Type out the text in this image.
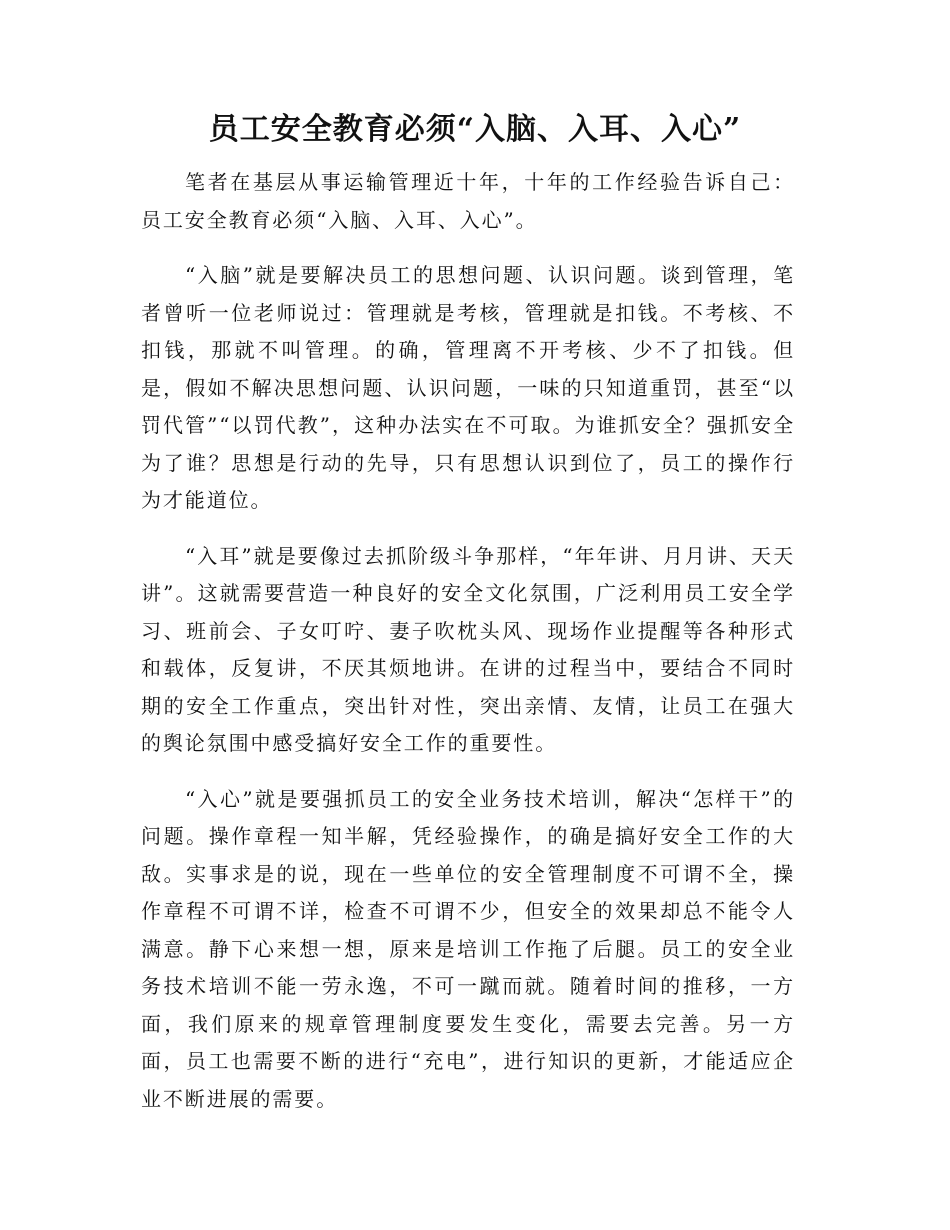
员工安全教育必须“入脑、入耳、入心”

笔者在基层从事运输管理近十年，十年的工作经验告诉自己：员工安全教育必须“入脑、入耳、入心”。

“入脑”就是要解决员工的思想问题、认识问题。谈到管理，笔者曾听一位老师说过：管理就是考核，管理就是扣钱。不考核、不扣钱，那就不叫管理。的确，管理离不开考核、少不了扣钱。但是，假如不解决思想问题、认识问题，一味的只知道重罚，甚至“以罚代管”“以罚代教”，这种办法实在不可取。为谁抓安全？强抓安全为了谁？思想是行动的先导，只有思想认识到位了，员工的操作行为才能道位。

“入耳”就是要像过去抓阶级斗争那样，“年年讲、月月讲、天天讲”。这就需要营造一种良好的安全文化氛围，广泛利用员工安全学习、班前会、子女叮咛、妻子吹枕头风、现场作业提醒等各种形式和载体，反复讲，不厌其烦地讲。在讲的过程当中，要结合不同时期的安全工作重点，突出针对性，突出亲情、友情，让员工在强大的舆论氛围中感受搞好安全工作的重要性。

“入心”就是要强抓员工的安全业务技术培训，解决“怎样干”的问题。操作章程一知半解，凭经验操作，的确是搞好安全工作的大敌。实事求是的说，现在一些单位的安全管理制度不可谓不全，操作章程不可谓不详，检查不可谓不少，但安全的效果却总不能令人满意。静下心来想一想，原来是培训工作拖了后腿。员工的安全业务技术培训不能一劳永逸，不可一蹴而就。随着时间的推移，一方面，我们原来的规章管理制度要发生变化，需要去完善。另一方面，员工也需要不断的进行“充电”，进行知识的更新，才能适应企业不断进展的需要。
